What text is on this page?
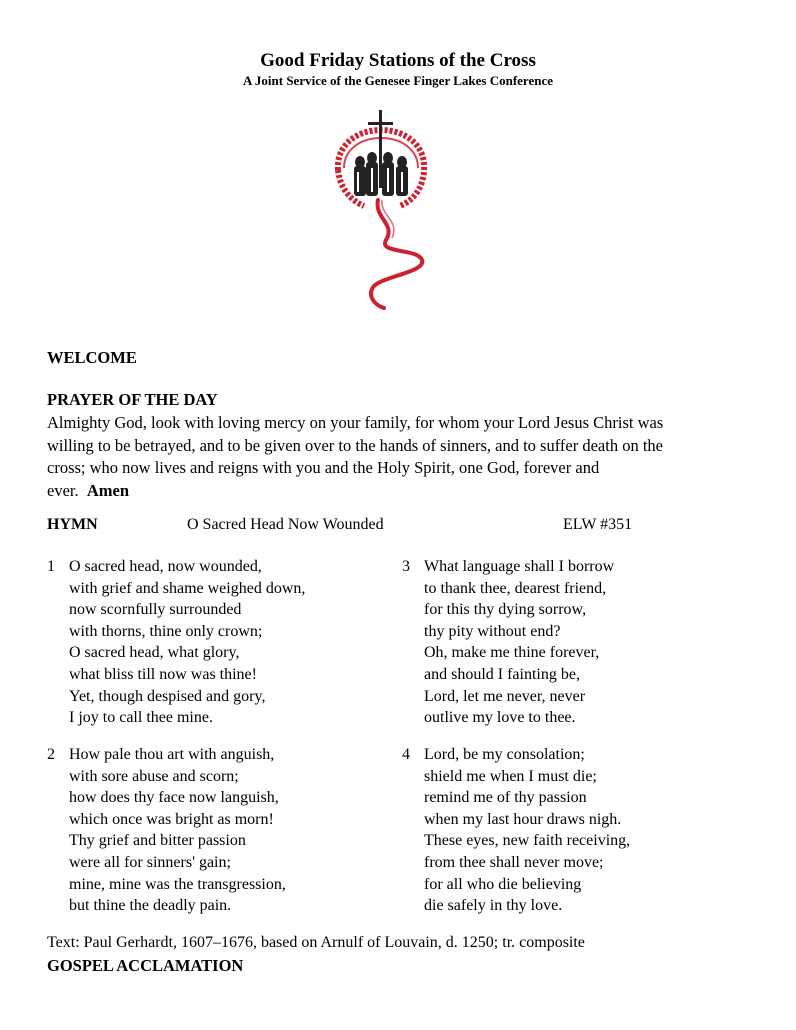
Good Friday Stations of the Cross
A Joint Service of the Genesee Finger Lakes Conference
WELCOME
PRAYER OF THE DAY
Almighty God, look with loving mercy on your family, for whom your Lord Jesus Christ was
willing to be betrayed, and to be given over to the hands of sinners, and to suffer death on the
cross; who now lives and reigns with you and the Holy Spirit, one God, forever and
ever. Amen
HYMN	O Sacred Head Now Wounded	ELW #351
1 O sacred head, now wounded,
with grief and shame weighed down,
now scornfully surrounded
with thorns, thine only crown;
O sacred head, what glory,
what bliss till now was thine!
Yet, though despised and gory,
I joy to call thee mine.
2 How pale thou art with anguish,
with sore abuse and scorn;
how does thy face now languish,
which once was bright as morn!
Thy grief and bitter passion
were all for sinners' gain;
mine, mine was the transgression,
but thine the deadly pain.
3 What language shall I borrow
to thank thee, dearest friend,
for this thy dying sorrow,
thy pity without end?
Oh, make me thine forever,
and should I fainting be,
Lord, let me never, never
outlive my love to thee.
4 Lord, be my consolation;
shield me when I must die;
remind me of thy passion
when my last hour draws nigh.
These eyes, new faith receiving,
from thee shall never move;
for all who die believing
die safely in thy love.
Text: Paul Gerhardt, 1607–1676, based on Arnulf of Louvain, d. 1250; tr. composite
GOSPEL ACCLAMATION
